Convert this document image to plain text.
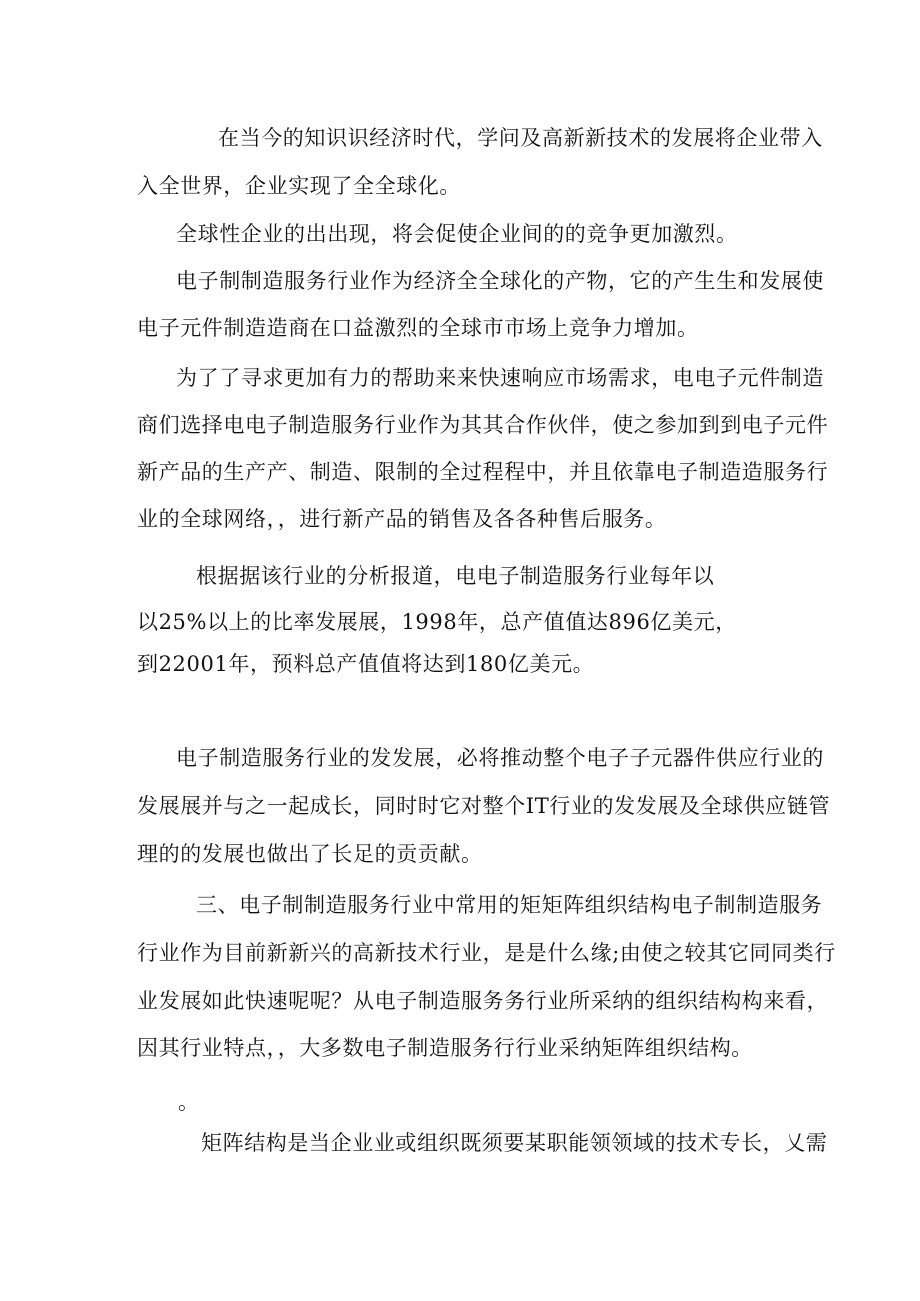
在当今的知识识经济时代，学问及高新新技术的发展将企业带入
入全世界，企业实现了全全球化。
全球性企业的出出现，将会促使企业间的的竞争更加激烈。
电子制制造服务行业作为经济全全球化的产物，它的产生生和发展使
电子元件制造造商在口益激烈的全球市市场上竞争力增加。
为了了寻求更加有力的帮助来来快速响应市场需求，电电子元件制造
商们选择电电子制造服务行业作为其其合作伙伴，使之参加到到电子元件
新产品的生产产、制造、限制的全过程程中，并且依靠电子制造造服务行
业的全球网络，，进行新产品的销售及各各种售后服务。
根据据该行业的分析报道，电电子制造服务行业每年以
以25%以上的比率发展展，1998年，总产值值达896亿美元，
到22001年，预料总产值值将达到180亿美元。
电子制造服务行业的发发展，必将推动整个电子子元器件供应行业的
发展展并与之一起成长，同时时它对整个IT行业的发发展及全球供应链管
理的的发展也做出了长足的贡贡献。
三、电子制制造服务行业中常用的矩矩阵组织结构电子制制造服务
行业作为目前新新兴的高新技术行业，是是什么缘;由使之较其它同同类行
业发展如此快速呢呢？从电子制造服务务行业所采纳的组织结构构来看，
因其行业特点，，大多数电子制造服务行行业采纳矩阵组织结构。
。
矩阵结构是当企业业或组织既须要某职能领领域的技术专长，乂需
